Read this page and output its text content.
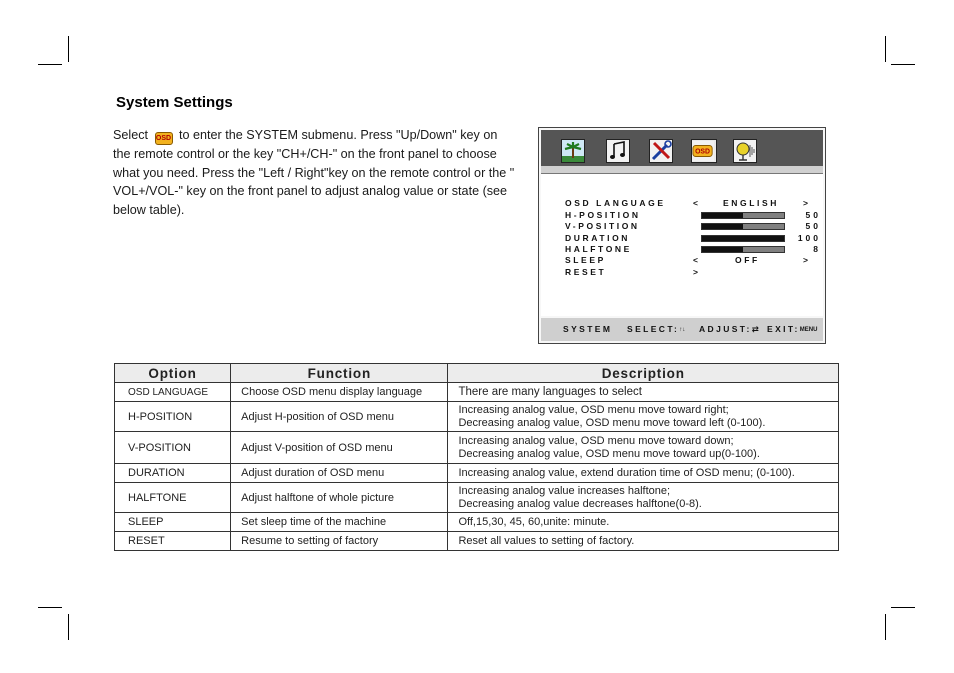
System Settings
Select OSD to enter the SYSTEM submenu. Press "Up/Down" key on the remote control or the key "CH+/CH-" on the front panel to choose what you need. Press the "Left / Right"key on the remote control or the " VOL+/VOL-" key on the front panel to adjust analog value or state (see below table).
OSD
OSD LANGUAGE	<	ENGLISH	>
H-POSITION	50
V-POSITION	50
DURATION	100
HALFTONE	8
SLEEP	<	OFF	>
RESET	>
SYSTEM SELECT:↑↓ ADJUST:⇄ EXIT:MENU
Option	Function	Description
OSD LANGUAGE	Choose OSD menu display language	There are many languages to select

H-POSITION	Adjust H-position of OSD menu	Increasing analog value, OSD menu move toward right;
Decreasing analog value, OSD menu move toward left (0-100).

V-POSITION	Adjust V-position of OSD menu	Increasing analog value, OSD menu move toward down;
Decreasing analog value, OSD menu move toward up(0-100).

DURATION	Adjust duration of OSD menu	Increasing analog value, extend duration time of OSD menu; (0-100).

HALFTONE	Adjust halftone of whole picture	Increasing analog value increases halftone;
Decreasing analog value decreases halftone(0-8).

SLEEP	Set sleep time of the machine	Off,15,30, 45, 60,unite: minute.

RESET	Resume to setting of factory	Reset all values to setting of factory.
